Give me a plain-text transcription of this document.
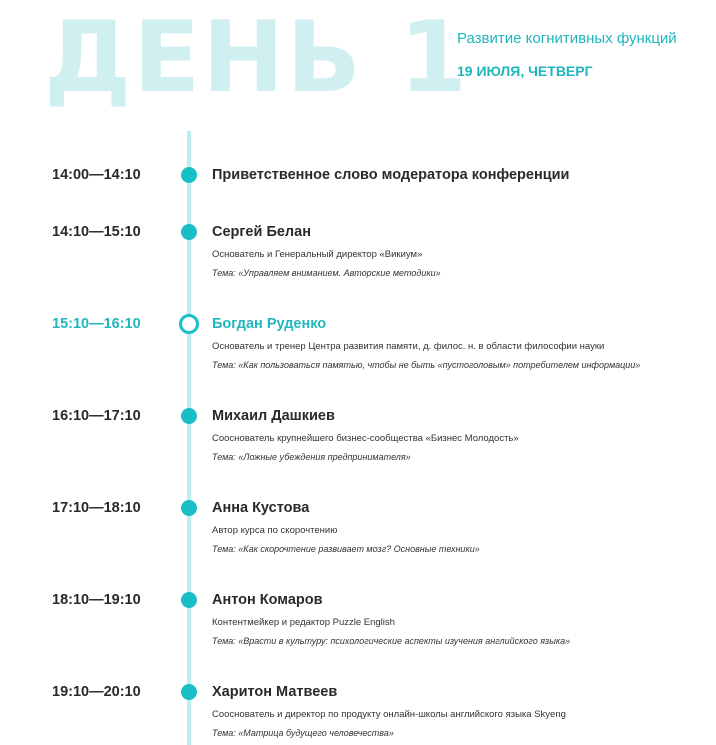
ДЕНЬ 1
Развитие когнитивных функций
19 ИЮЛЯ, ЧЕТВЕРГ
14:00—14:10	Приветственное слово модератора конференции
14:10—15:10	Сергей Белан
Основатель и Генеральный директор «Викиум»
Тема: «Управляем вниманием. Авторские методики»
15:10—16:10	Богдан Руденко
Основатель и тренер Центра развития памяти, д. филос. н. в области философии науки
Тема: «Как пользоваться памятью, чтобы не быть «пустоголовым» потребителем информации»
16:10—17:10	Михаил Дашкиев
Сооснователь крупнейшего бизнес-сообщества «Бизнес Молодость»
Тема: «Ложные убеждения предпринимателя»
17:10—18:10	Анна Кустова
Автор курса по скорочтению
Тема: «Как скорочтение развивает мозг? Основные техники»
18:10—19:10	Антон Комаров
Контентмейкер и редактор Puzzle English
Тема: «Врасти в культуру: психологические аспекты изучения английского языка»
19:10—20:10	Харитон Матвеев
Сооснователь и директор по продукту онлайн-школы английского языка Skyeng
Тема: «Матрица будущего человечества»
